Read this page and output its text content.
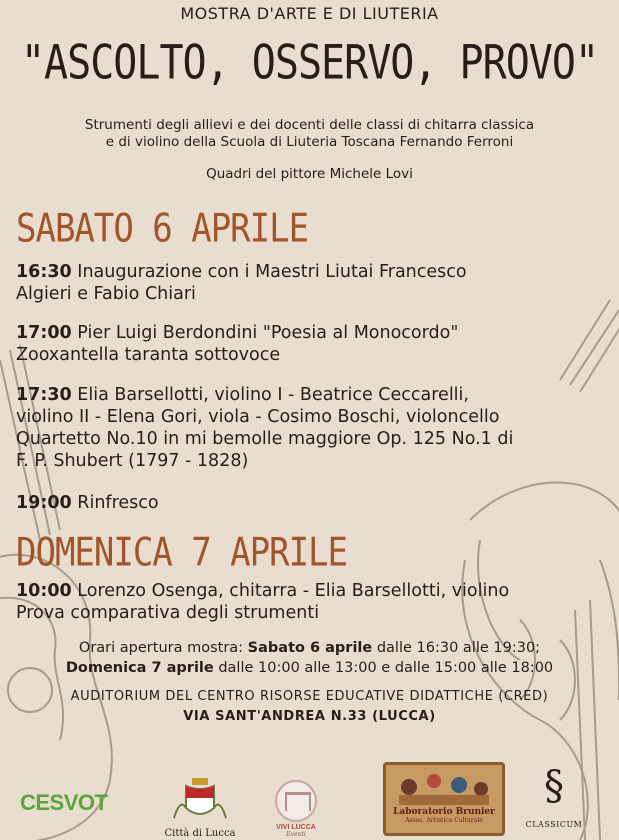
MOSTRA D'ARTE E DI LIUTERIA
"ASCOLTO, OSSERVO, PROVO"
Strumenti degli allievi e dei docenti delle classi di chitarra classica
e di violino della Scuola di Liuteria Toscana Fernando Ferroni
Quadri del pittore Michele Lovi
SABATO 6 APRILE
16:30 Inaugurazione con i Maestri Liutai Francesco
Algieri e Fabio Chiari
17:00 Pier Luigi Berdondini "Poesia al Monocordo"
Zooxantella taranta sottovoce
17:30 Elia Barsellotti, violino I - Beatrice Ceccarelli,
violino II - Elena Gori, viola - Cosimo Boschi, violoncello
Quartetto No.10 in mi bemolle maggiore Op. 125 No.1 di
F. P. Shubert (1797 - 1828)
19:00 Rinfresco
DOMENICA 7 APRILE
10:00 Lorenzo Osenga, chitarra - Elia Barsellotti, violino
Prova comparativa degli strumenti
Orari apertura mostra: Sabato 6 aprile dalle 16:30 alle 19:30;
Domenica 7 aprile dalle 10:00 alle 13:00 e dalle 15:00 alle 18:00
AUDITORIUM DEL CENTRO RISORSE EDUCATIVE DIDATTICHE (CRED)
VIA SANT'ANDREA N.33 (LUCCA)
CESVOT
Città di Lucca
VIVI LUCCA
Eventi
Laboratorio Brunier
Assoc. Artistica Culturale
§
CLASSICUM
